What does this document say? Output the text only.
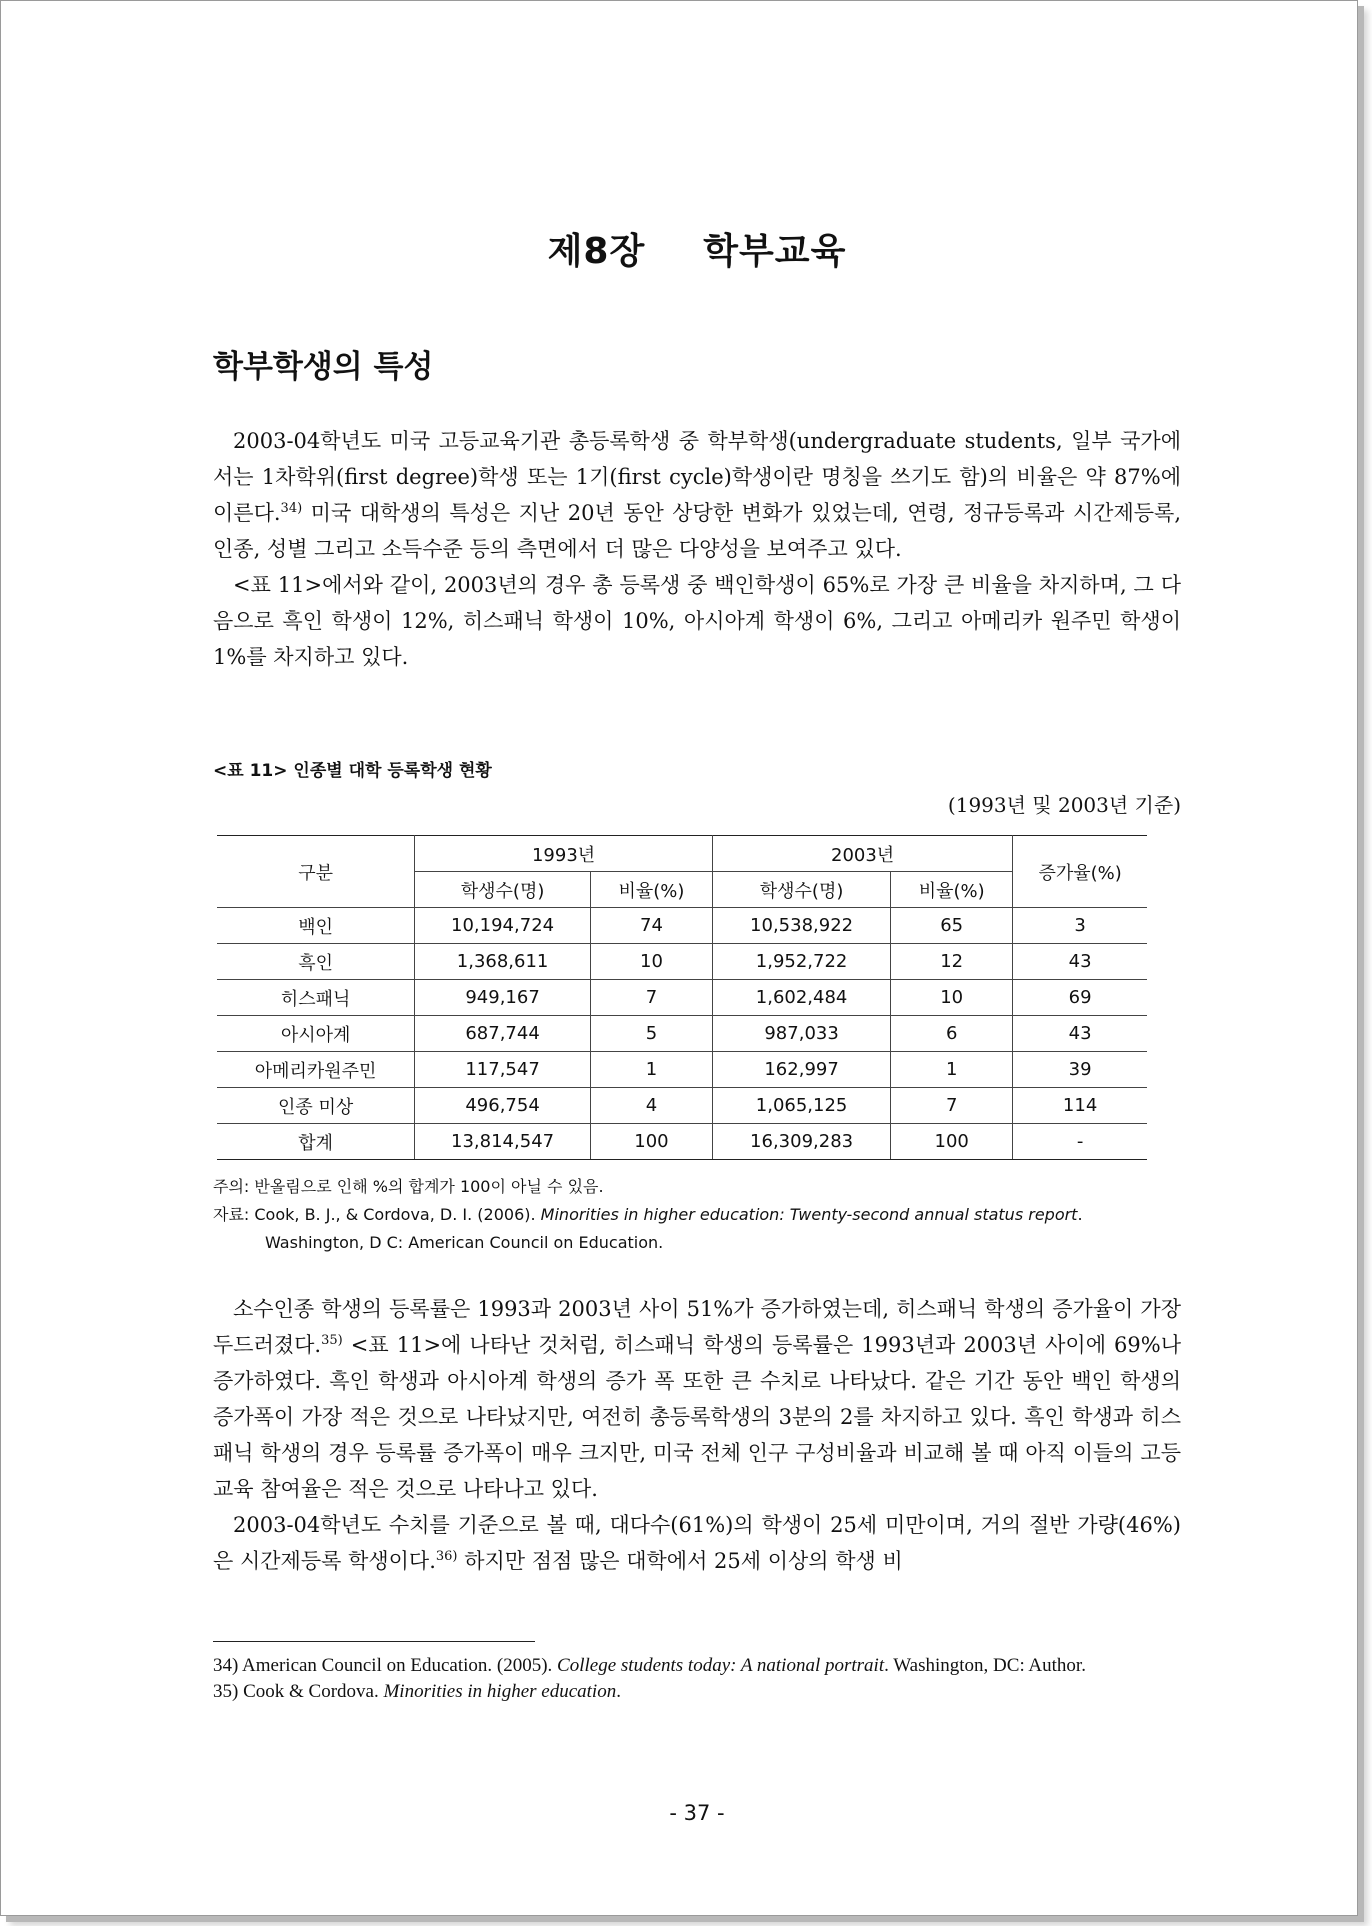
제8장 학부교육
학부학생의 특성

2003-04학년도 미국 고등교육기관 총등록학생 중 학부학생(undergraduate students, 일부 국가에서는 1차학위(first degree)학생 또는 1기(first cycle)학생이란 명칭을 쓰기도 함)의 비율은 약 87%에 이른다.$^{34)}$ 미국 대학생의 특성은 지난 20년 동안 상당한 변화가 있었는데, 연령, 정규등록과 시간제등록, 인종, 성별 그리고 소득수준 등의 측면에서 더 많은 다양성을 보여주고 있다.

<표 11>에서와 같이, 2003년의 경우 총 등록생 중 백인학생이 65%로 가장 큰 비율을 차지하며, 그 다음으로 흑인 학생이 12%, 히스패닉 학생이 10%, 아시아계 학생이 6%, 그리고 아메리카 원주민 학생이 1%를 차지하고 있다.

<표 11> 인종별 대학 등록학생 현황
(1993년 및 2003년 기준)
구분	1993년		2003년		증가율(%)
	학생수(명)	비율(%)	학생수(명)	비율(%)	
백인	10,194,724	74	10,538,922	65	3
흑인	1,368,611	10	1,952,722	12	43
히스패닉	949,167	7	1,602,484	10	69
아시아계	687,744	5	987,033	6	43
아메리카원주민	117,547	1	162,997	1	39
인종 미상	496,754	4	1,065,125	7	114
합계	13,814,547	100	16,309,283	100	-
주의: 반올림으로 인해 %의 합계가 100이 아닐 수 있음.
자료: Cook, B. J., & Cordova, D. I. (2006). Minorities in higher education: Twenty-second annual status report. Washington, D C: American Council on Education.

소수인종 학생의 등록률은 1993과 2003년 사이 51%가 증가하였는데, 히스패닉 학생의 증가율이 가장 두드러졌다.$^{35)}$ <표 11>에 나타난 것처럼, 히스패닉 학생의 등록률은 1993년과 2003년 사이에 69%나 증가하였다. 흑인 학생과 아시아계 학생의 증가 폭 또한 큰 수치로 나타났다. 같은 기간 동안 백인 학생의 증가폭이 가장 적은 것으로 나타났지만, 여전히 총등록학생의 3분의 2를 차지하고 있다. 흑인 학생과 히스패닉 학생의 경우 등록률 증가폭이 매우 크지만, 미국 전체 인구 구성비율과 비교해 볼 때 아직 이들의 고등교육 참여율은 적은 것으로 나타나고 있다.

2003-04학년도 수치를 기준으로 볼 때, 대다수(61%)의 학생이 25세 미만이며, 거의 절반 가량(46%)은 시간제등록 학생이다.$^{36)}$ 하지만 점점 많은 대학에서 25세 이상의 학생 비

34) American Council on Education. (2005). College students today: A national portrait. Washington, DC: Author.
35) Cook & Cordova. Minorities in higher education.
- 37 -
